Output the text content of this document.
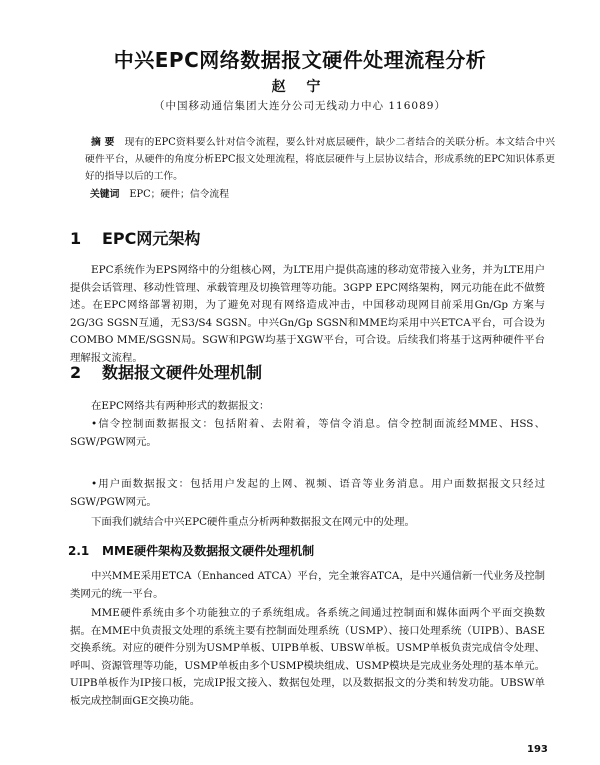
中兴EPC网络数据报文硬件处理流程分析
赵 宁
（中国移动通信集团大连分公司无线动力中心 116089）
摘 要 现有的EPC资料要么针对信令流程，要么针对底层硬件，缺少二者结合的关联分析。本文结合中兴硬件平台，从硬件的角度分析EPC报文处理流程，将底层硬件与上层协议结合，形成系统的EPC知识体系更好的指导以后的工作。
关键词 EPC；硬件；信令流程
1 EPC网元架构
EPC系统作为EPS网络中的分组核心网，为LTE用户提供高速的移动宽带接入业务，并为LTE用户提供会话管理、移动性管理、承载管理及切换管理等功能。3GPP EPC网络架构，网元功能在此不做赘述。在EPC网络部署初期，为了避免对现有网络造成冲击，中国移动现网目前采用Gn/Gp 方案与2G/3G SGSN互通，无S3/S4 SGSN。中兴Gn/Gp SGSN和MME均采用中兴ETCA平台，可合设为COMBO MME/SGSN局。SGW和PGW均基于XGW平台，可合设。后续我们将基于这两种硬件平台理解报文流程。
2 数据报文硬件处理机制
在EPC网络共有两种形式的数据报文：
•信令控制面数据报文：包括附着、去附着，等信令消息。信令控制面流经MME、HSS、SGW/PGW网元。
•用户面数据报文：包括用户发起的上网、视频、语音等业务消息。用户面数据报文只经过SGW/PGW网元。
下面我们就结合中兴EPC硬件重点分析两种数据报文在网元中的处理。
2.1 MME硬件架构及数据报文硬件处理机制
中兴MME采用ETCA（Enhanced ATCA）平台，完全兼容ATCA，是中兴通信新一代业务及控制类网元的统一平台。
MME硬件系统由多个功能独立的子系统组成。各系统之间通过控制面和媒体面两个平面交换数据。在MME中负责报文处理的系统主要有控制面处理系统（USMP）、接口处理系统（UIPB）、BASE交换系统。对应的硬件分别为USMP单板、UIPB单板、UBSW单板。USMP单板负责完成信令处理、呼叫、资源管理等功能，USMP单板由多个USMP模块组成、USMP模块是完成业务处理的基本单元。UIPB单板作为IP接口板，完成IP报文接入、数据包处理，以及数据报文的分类和转发功能。UBSW单板完成控制面GE交换功能。
193
